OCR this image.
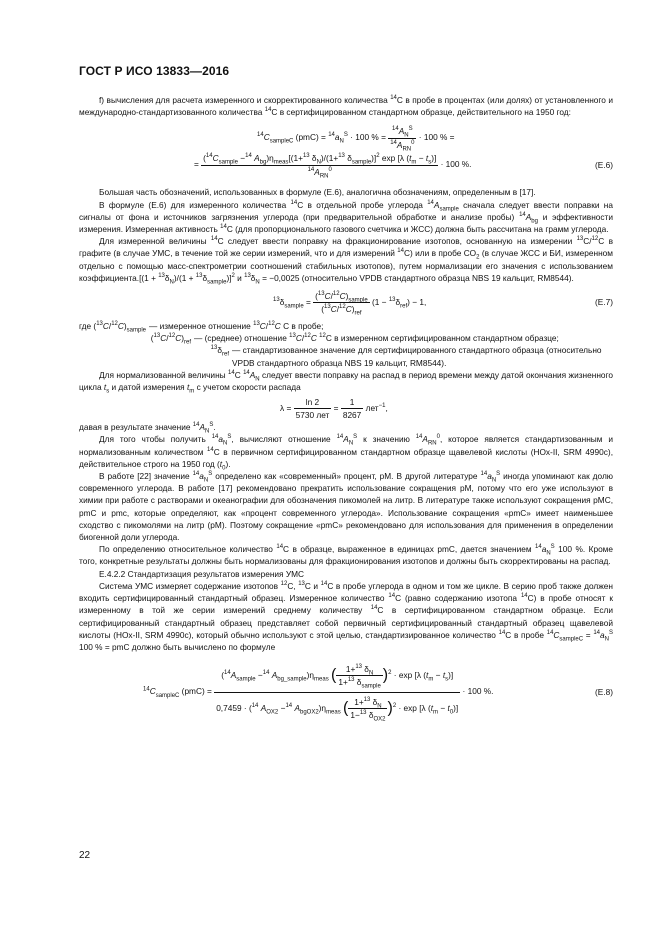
ГОСТ Р ИСО 13833—2016

f) вычисления для расчета измеренного и скорректированного количества $^{14}$С в пробе в процентах (или долях) от установленного и международно-стандартизованного количества $^{14}$С в сертифицированном стандартном образце, действительного на 1950 год:

$^{14}C_{sampleC}$ $(pmC) = ^{14}a_N^S \cdot 100$ % = $\frac{^{14}A_N^S}{^{14}A_{RN}^0} \cdot 100$ % =
=
($^{14}C_{sample} -^{14}$ $A_{bg})\eta_{meas}[(1+^{13}$ $\delta_N)/(1+^{13}$ $\delta_{sample})]^2$ exp [λ $(t_m - t_s)$]
$^{14}A_{RN}^0$
· 100 %.	(Е.6)

Большая часть обозначений, использованных в формуле (Е.6), аналогична обозначениям, определенным в [17].

В формуле (Е.6) для измеренного количества $^{14}$С в отдельной пробе углерода $^{14}A_{sample}$ сначала следует ввести поправки на сигналы от фона и источников загрязнения углерода (при предварительной обработке и анализе пробы) $^{14}A_{bg}$ и эффективности измерения. Измеренная активность $^{14}$С (для пропорционального газового счетчика и ЖСС) должна быть рассчитана на грамм углерода.

Для измеренной величины $^{14}$С следует ввести поправку на фракционирование изотопов, основанную на измерении $^{13}$C/$^{12}$С в графите (в случае УМС, в течение той же серии измерений, что и для измерений $^{14}$С) или в пробе $СО_2$ (в случае ЖСС и БИ, измеренном отдельно с помощью масс-спектрометрии соотношений стабильных изотопов), путем нормализации его значения с использованием коэффициента.[(1 + $^{13}\delta_N)/(1 + ^{13}\delta_{sample})]^2$ и $^{13}\delta_N = -0,0025$ (относительно VPDB стандартного образца NBS 19 кальцит, RM8544).

$^{13}\delta_{sample} = \frac{(^{13}C/^{12}C)_{sample}}{(^{13}C/^{12}C)_{ref}} (1 - ^{13}\delta_{ref}) - 1$,	(Е.7)
где $(^{13}C/^{12}C)_{sample}$ — измеренное отношение $^{13}$C/$^{12}$C С в пробе;
$(^{13}C/^{12}C)_{ref}$ — (среднее) отношение $^{13}$C/$^{12}$C $^{12}$С в измеренном сертифицированном стандартном образце;
$^{13}\delta_{ref}$ — стандартизованное значение для сертифицированного стандартного образца (относительно VPDB стандартного образца NBS 19 кальцит, RM8544).

Для нормализованной величины $^{14}$С $^{14}A_N$ следует ввести поправку на распад в период времени между датой окончания жизненного цикла $t_s$ и датой измерения $t_m$ с учетом скорости распада

$\lambda = \frac{\ln 2}{\text{5730 лет}} = \frac{1}{8267} лет^{-1}$,

давая в результате значение $^{14}A_N^S$.

Для того чтобы получить $^{14}a_N^S$, вычисляют отношение $^{14}A_N^S$ к значению $^{14}A_{RN}^0$, которое является стандартизованным и нормализованным количеством $^{14}$С в первичном сертифицированном стандартном образце щавелевой кислоты (HOx-II, SRM 4990c), действительное строго на 1950 год $(t_0)$.

В работе [22] значение $^{14}a_N^S$ определено как «современный» процент, рМ. В другой литературе $^{14}a_N^S$ иногда упоминают как долю современного углерода. В работе [17] рекомендовано прекратить использование сокращения рМ, потому что его уже используют в химии при работе с растворами и океанографии для обозначения пикомолей на литр. В литературе также используют сокращения pMC, pmC и pmc, которые определяют, как «процент современного углерода». Использование сокращения «pmC» имеет наименьшее сходство с пикомолями на литр (рМ). Поэтому сокращение «pmC» рекомендовано для использования для применения в определении биогенной доли углерода.

По определению относительное количество $^{14}$С в образце, выраженное в единицах pmC, дается значением $^{14}a_N^S$ 100 %. Кроме того, конкретные результаты должны быть нормализованы для фракционирования изотопов и должны быть скорректированы на распад.

Е.4.2.2 Стандартизация результатов измерения УМС

Система УМС измеряет содержание изотопов $^{12}$С, $^{13}$С и $^{14}$С в пробе углерода в одном и том же цикле. В серию проб также должен входить сертифицированный стандартный образец. Измеренное количество $^{14}$С (равно содержанию изотопа $^{14}$С) в пробе относят к измеренному в той же серии измерений среднему количеству $^{14}$С в сертифицированном стандартном образце. Если сертифицированный стандартный образец представляет собой первичный сертифицированный стандартный образец щавелевой кислоты (HOx-II, SRM 4990c), который обычно используют с этой целью, стандартизированное количество $^{14}$С в пробе $^{14}C_{sampleC} = ^{14}a_N^S$ 100 % = pmC должно быть вычислено по формуле

$^{14}C_{sampleC}$ (pmC) =
($^{14}A_{sample} -^{14}$ $A_{bg\_sample})\eta_{meas}$ ( $\frac{1+^{13} \delta_N}{1+^{13} \delta_{sample}} )^2 \cdot \exp [\lambda$ $(t_m - t_s)$]
0,7459 · ($^{14}$ $A_{OX2} -^{14}$ $A_{bgOX2})\eta_{meas}$ ( $\frac{1+^{13} \delta_N}{1-^{13} \delta_{OX2}} )^2 \cdot \exp [\lambda$ $(t_m - t_0)$]
· 100 %.	(Е.8)
22
